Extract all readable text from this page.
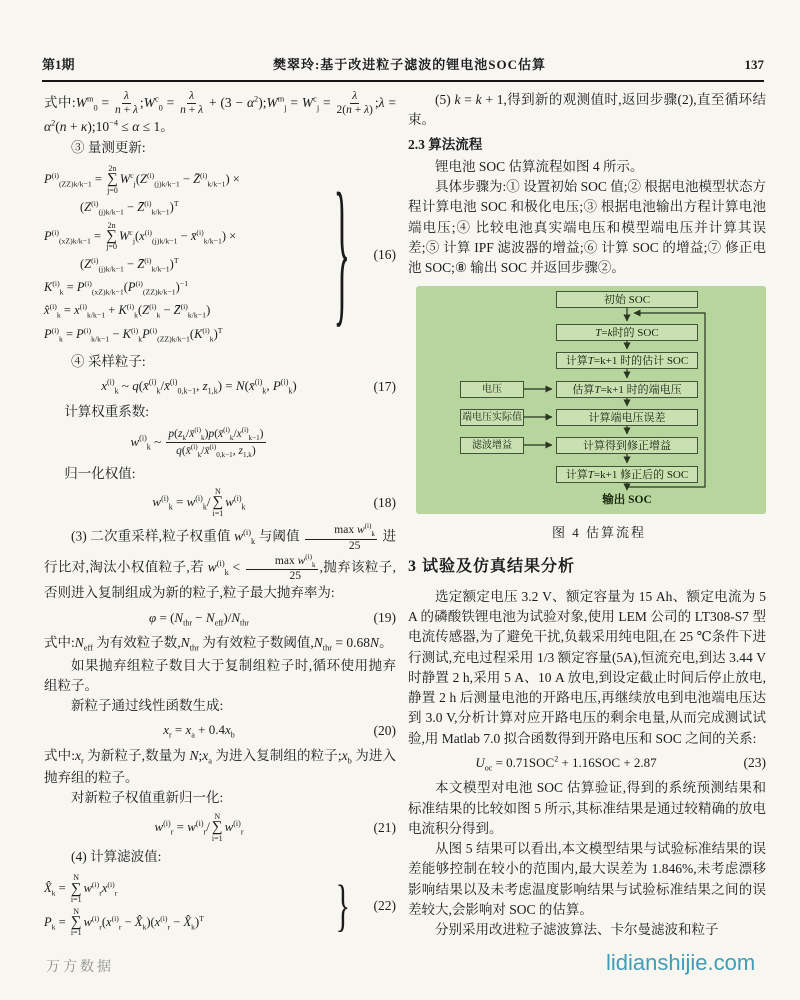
第1期	樊翠玲:基于改进粒子滤波的锂电池SOC估算	137

式中$:W^m_0 = \frac{\lambda}{n + \lambda}$ $;W^c_0 = \frac{\lambda}{n + \lambda} + (3$ − $\alpha^2);W^m_j = W^c_j = \frac{\lambda}{2(n + \lambda)}$ ;λ = $\alpha^2(n$ + $\kappa);10^{-4} \le \alpha \le 1$。

③ 量测更新:

$P^{(i)}_{(ZZ)k/k-1}$ =
2n
∑
j=0
$W^c_j(Z^{(i)}_{(j)k/k-1}$ − Z̄$^{(i)}_{k/k-1}$) ×
($Z^{(i)}_{(j)k/k-1}$ − Z̄$^{(i)}_{k/k-1}$)$^T$
$P^{(i)}_{(xZ)k/k-1}$ =
2n
∑
j=0
$W^c_j(x^{(i)}_{(j)k/k-1}$ − x̄$^{(i)}_{k/k-1}$) ×
($Z^{(i)}_{(j)k/k-1}$ − Z̄$^{(i)}_{k/k-1}$)$^T$
$K^{(i)}_k = P^{(i)}_{(xZ)k/k-1}(P^{(i)}_{(ZZ)k/k-1})^{-1}$
x̂$^{(i)}_k$ = $x^{(i)}_{k/k-1} + K^{(i)}_k(Z^{(i)}_k$ − Z̄$^{(i)}_{k/k-1}$)
$P^{(i)}_k = P^{(i)}_{k/k-1} - K^{(i)}_kP^{(i)}_{(ZZ)k/k-1}(K^{(i)}_k)^T$	}	(16)

④ 采样粒子:

$x^{(i)}_k$ ~ q(x̄$^{(i)}_k$/x̄$^{(i)}_{0,k-1}$, $z_{1,k}$) = N(x̄$^{(i)}_k$, $P^{(i)}_k$)	(17)

计算权重系数:

$w^{(i)}_k$ ~ $\frac{p(z_k/x̄^{(i)}_k)p(x̄^{(i)}_k/x^{(i)}_{k-1})}{q(x̄^{(i)}_k/x̄^{(i)}_{0,k-1}, z_{1,k})}$

归一化权值:

$w^{(i)}_k = w^{(i)}_k/$
N
∑
i=1
$w^{(i)}_k$	(18)

(3) 二次重采样,粒子权重值 $w^{(i)}_k$ 与阈值	$\max w^{(i)}_k$
25
进行比对,淘汰小权值粒子,若 $w^{(i)}_k$ <	$\max w^{(i)}_k$
25
,抛弃该粒子,否则进入复制组成为新的粒子,粒子最大抛弃率为:

$\varphi = (N_{thr} - N_{eff})/N_{thr}$	(19)

式中$:N_{eff}$ 为有效粒子数$,N_{thr}$ 为有效粒子数阈值$,N_{thr} = 0.68N$。

如果抛弃组粒子数目大于复制组粒子时,循环使用抛弃组粒子。

新粒子通过线性函数生成:

$x_r = x_a + 0.4x_b$	(20)

式中$:x_r$ 为新粒子,数量为 $N;x_a$ 为进入复制组的粒子$;x_b$ 为进入抛弃组的粒子。

对新粒子权值重新归一化:

$w^{(i)}_r = w^{(i)}_r/$
N
∑
i=1
$w^{(i)}_r$	(21)

(4) 计算滤波值:

$X̂_k$ =
N
∑
i=1
$w^{(i)}_rx^{(i)}_r$
$P_k$ =
N
∑
i=1
$w^{(i)}_r(x^{(i)}_r$ − $X̂_k)(x^{(i)}_r$ − $X̂_k)^T$	}	(22)

(5) k = k + 1,得到新的观测值时,返回步骤(2),直至循环结束。

2.3 算法流程

锂电池 SOC 估算流程如图 4 所示。

具体步骤为:① 设置初始 SOC 值;② 根据电池模型状态方程计算电池 SOC 和极化电压;③ 根据电池输出方程计算电池端电压;④ 比较电池真实端电压和模型端电压并计算其误差;⑤ 计算 IPF 滤波器的增益;⑥ 计算 SOC 的增益;⑦ 修正电池 SOC;⑧ 输出 SOC 并返回步骤②。

初始 SOC
T = k 时的 SOC
计算 T =k+1 时的估计 SOC
估算 T =k+1 时的端电压
计算端电压误差
计算得到修正增益
计算 T =k+1 修正后的 SOC
电压
端电压实际值
滤波增益
输出 SOC
图 4 估算流程

3 试验及仿真结果分析

选定额定电压 3.2 V、额定容量为 15 Ah、额定电流为 5 A 的磷酸铁锂电池为试验对象,使用 LEM 公司的 LT308-S7 型电流传感器,为了避免干扰,负载采用纯电阻,在 25 ℃条件下进行测试,充电过程采用 1/3 额定容量(5A),恒流充电,到达 3.44 V 时静置 2 h,采用 5 A、10 A 放电,到设定截止时间后停止放电,静置 2 h 后测量电池的开路电压,再继续放电到电池端电压达到 3.0 V,分析计算对应开路电压的剩余电量,从而完成测试试验,用 Matlab 7.0 拟合函数得到开路电压和 SOC 之间的关系:

$U_{oc} = 0.71SOC^2 + 1.16SOC + 2.87$	(23)

本文模型对电池 SOC 估算验证,得到的系统预测结果和标准结果的比较如图 5 所示,其标准结果是通过较精确的放电电流积分得到。

从图 5 结果可以看出,本文模型结果与试验标准结果的误差能够控制在较小的范围内,最大误差为 1.846%,未考虑漂移影响结果以及未考虑温度影响结果与试验标准结果之间的误差较大,会影响对 SOC 的估算。

分别采用改进粒子滤波算法、卡尔曼滤波和粒子

万方数据	lidianshijie.com
